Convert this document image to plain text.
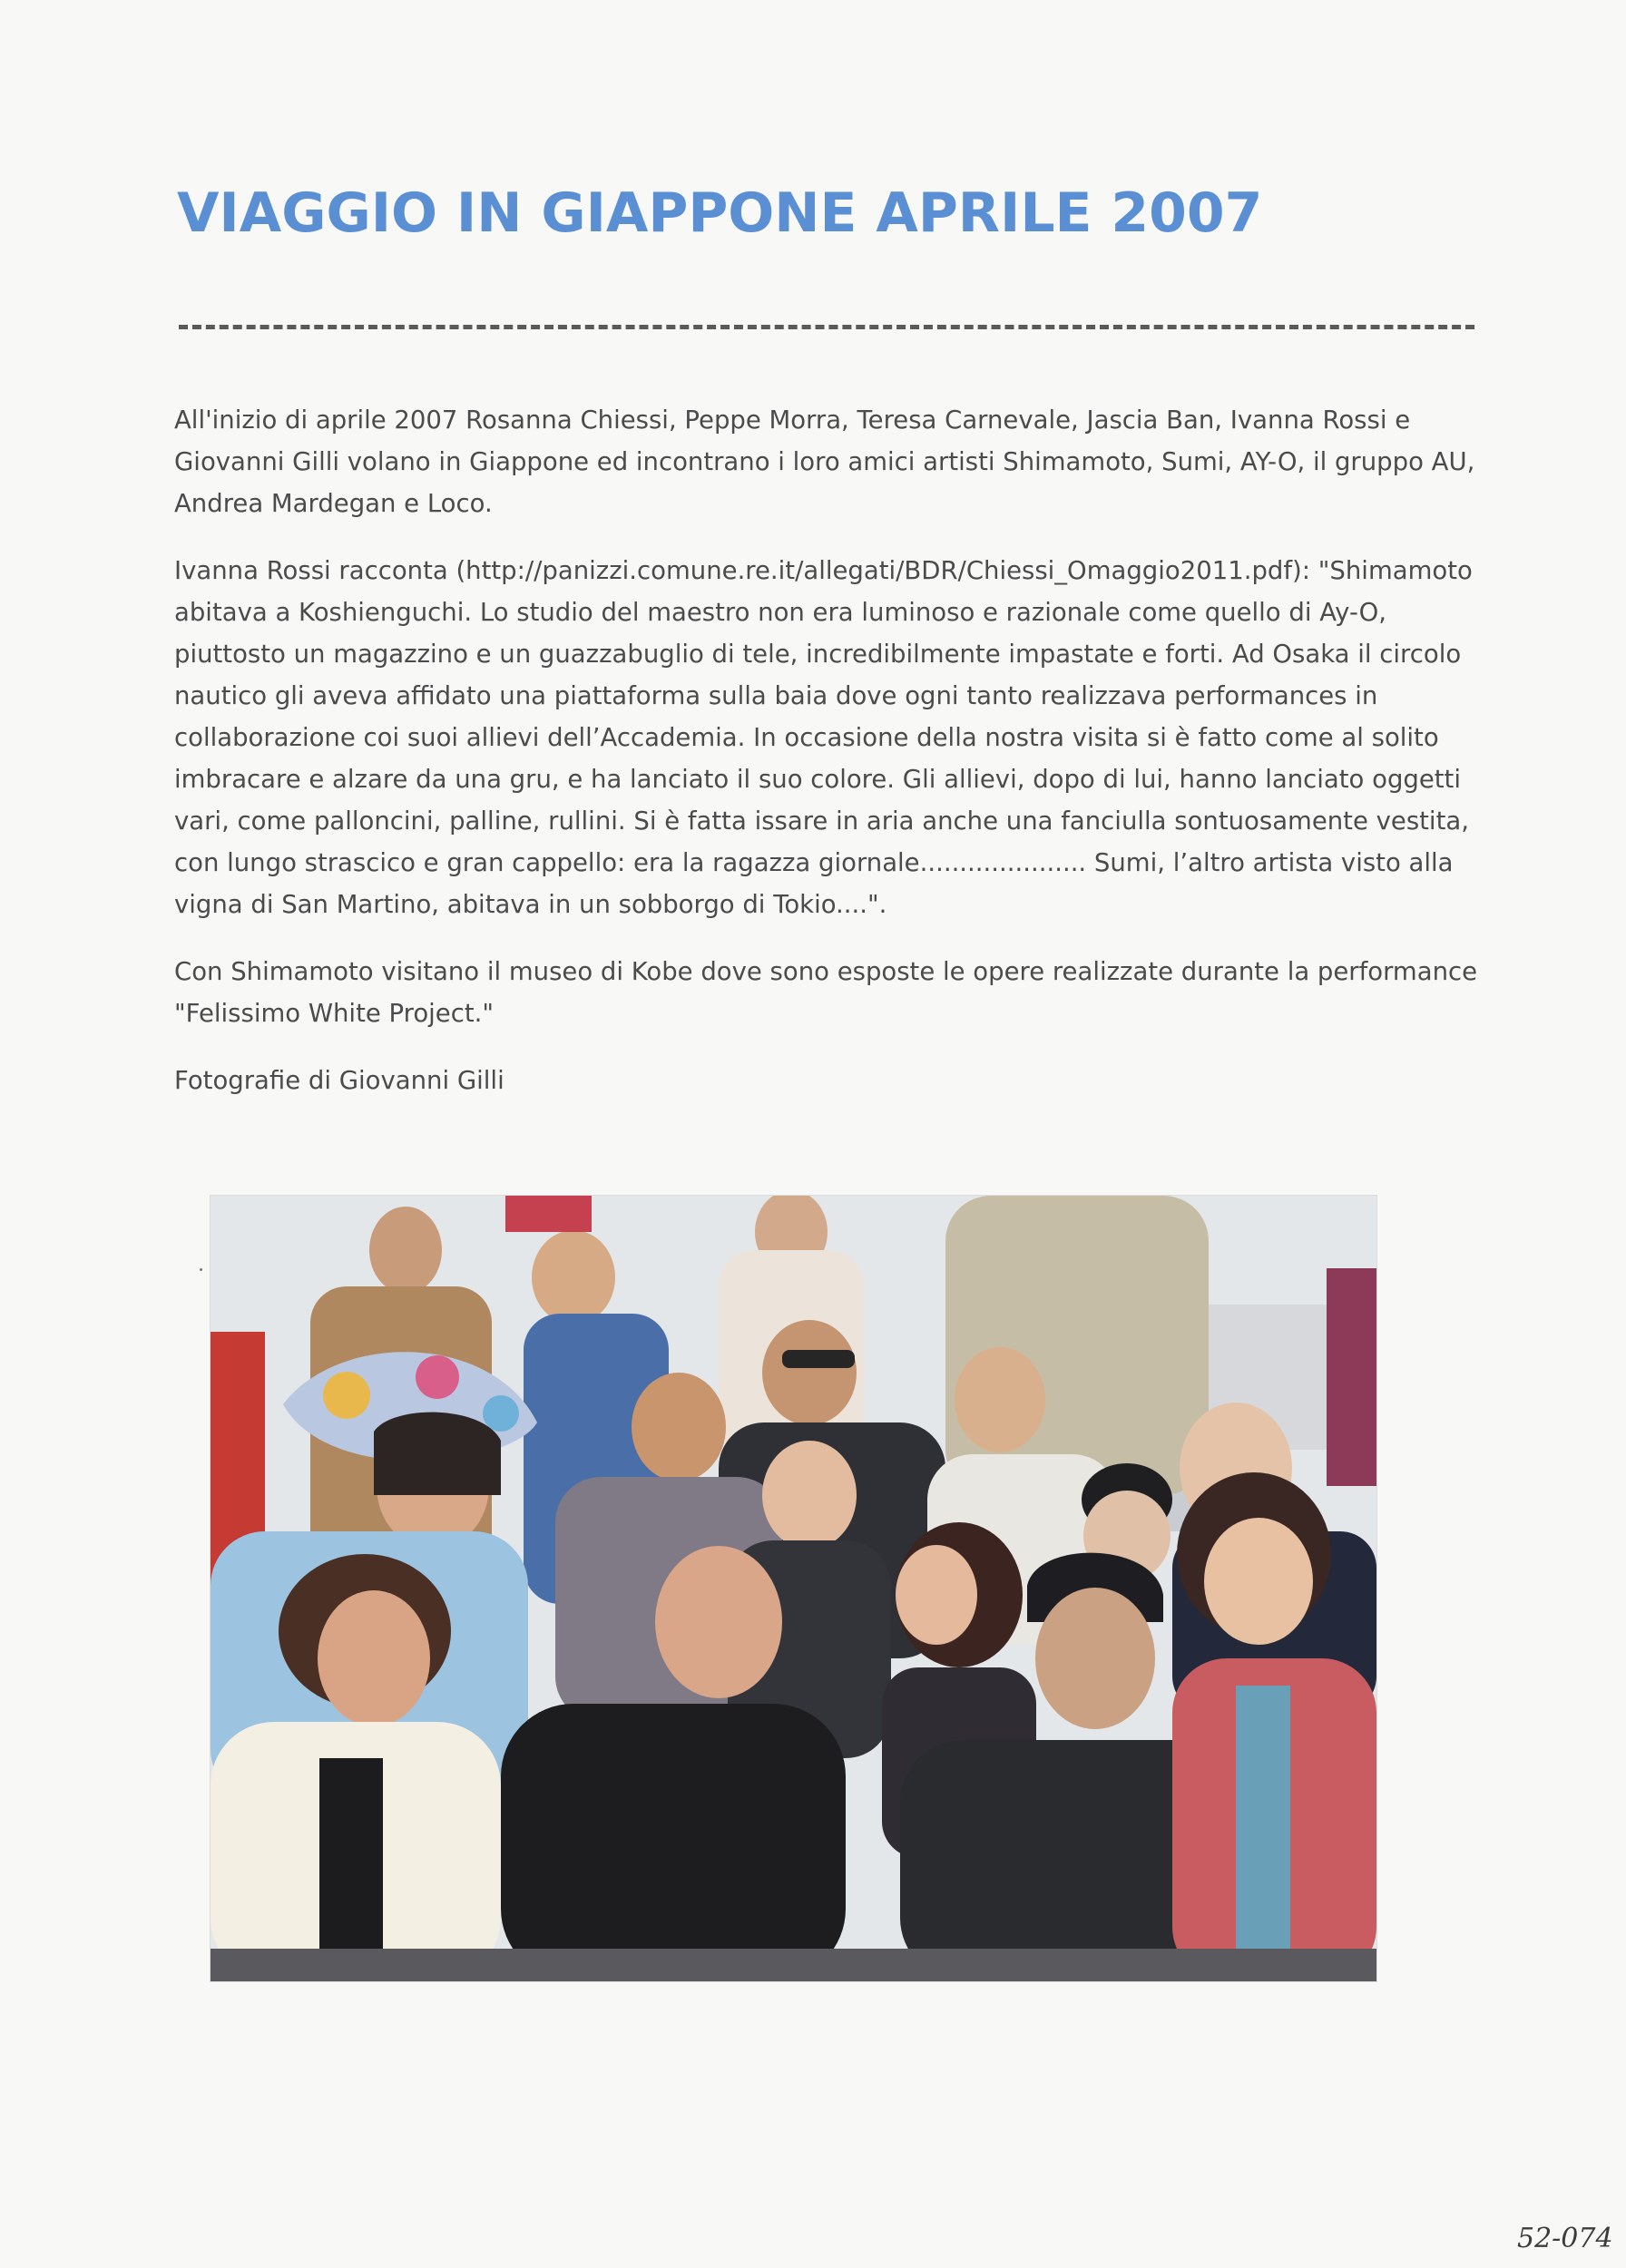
VIAGGIO IN GIAPPONE APRILE 2007

All'inizio di aprile 2007 Rosanna Chiessi, Peppe Morra, Teresa Carnevale, Jascia Ban, Ivanna Rossi e Giovanni Gilli volano in Giappone ed incontrano i loro amici artisti Shimamoto, Sumi, AY-O, il gruppo AU, Andrea Mardegan e Loco.

Ivanna Rossi racconta (http://panizzi.comune.re.it/allegati/BDR/Chiessi_Omaggio2011.pdf): "Shimamoto abitava a Koshienguchi. Lo studio del maestro non era luminoso e razionale come quello di Ay-O, piuttosto un magazzino e un guazzabuglio di tele, incredibilmente impastate e forti. Ad Osaka il circolo nautico gli aveva affidato una piattaforma sulla baia dove ogni tanto realizzava performances in collaborazione coi suoi allievi dell’Accademia. In occasione della nostra visita si è fatto come al solito imbracare e alzare da una gru, e ha lanciato il suo colore. Gli allievi, dopo di lui, hanno lanciato oggetti vari, come palloncini, palline, rullini. Si è fatta issare in aria anche una fanciulla sontuosamente vestita, con lungo strascico e gran cappello: era la ragazza giornale..................... Sumi, l’altro artista visto alla vigna di San Martino, abitava in un sobborgo di Tokio....".

Con Shimamoto visitano il museo di Kobe dove sono esposte le opere realizzate durante la performance "Felissimo White Project."

Fotografie di Giovanni Gilli

52-074
